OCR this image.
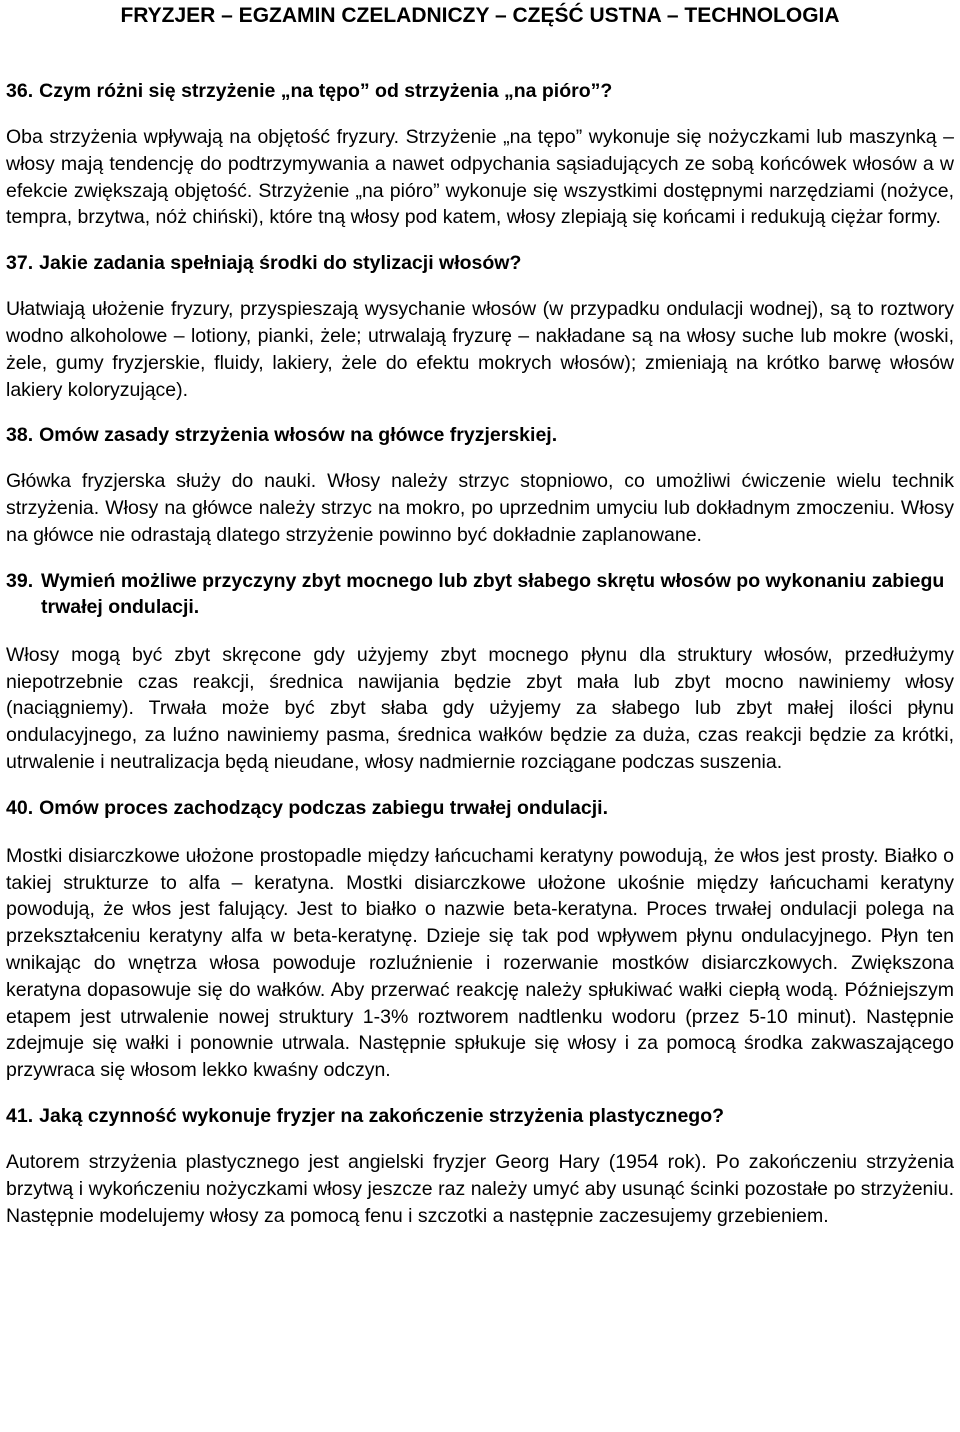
FRYZJER – EGZAMIN CZELADNICZY – CZĘŚĆ USTNA – TECHNOLOGIA
36. Czym różni się strzyżenie „na tępo” od strzyżenia „na pióro”?

Oba strzyżenia wpływają na objętość fryzury. Strzyżenie „na tępo” wykonuje się nożyczkami lub maszynką – włosy mają tendencję do podtrzymywania a nawet odpychania sąsiadujących ze sobą końcówek włosów a w efekcie zwiększają objętość. Strzyżenie „na pióro” wykonuje się wszystkimi dostępnymi narzędziami (nożyce, tempra, brzytwa, nóż chiński), które tną włosy pod katem, włosy zlepiają się końcami i redukują ciężar formy.

37. Jakie zadania spełniają środki do stylizacji włosów?

Ułatwiają ułożenie fryzury, przyspieszają wysychanie włosów (w przypadku ondulacji wodnej), są to roztwory wodno alkoholowe – lotiony, pianki, żele; utrwalają fryzurę – nakładane są na włosy suche lub mokre (woski, żele, gumy fryzjerskie, fluidy, lakiery, żele do efektu mokrych włosów); zmieniają na krótko barwę włosów lakiery koloryzujące).

38. Omów zasady strzyżenia włosów na główce fryzjerskiej.

Główka fryzjerska służy do nauki. Włosy należy strzyc stopniowo, co umożliwi ćwiczenie wielu technik strzyżenia. Włosy na główce należy strzyc na mokro, po uprzednim umyciu lub dokładnym zmoczeniu. Włosy na główce nie odrastają dlatego strzyżenie powinno być dokładnie zaplanowane.

39. Wymień możliwe przyczyny zbyt mocnego lub zbyt słabego skrętu włosów po wykonaniu zabiegu trwałej ondulacji.

Włosy mogą być zbyt skręcone gdy użyjemy zbyt mocnego płynu dla struktury włosów, przedłużymy niepotrzebnie czas reakcji, średnica nawijania będzie zbyt mała lub zbyt mocno nawiniemy włosy (naciągniemy). Trwała może być zbyt słaba gdy użyjemy za słabego lub zbyt małej ilości płynu ondulacyjnego, za luźno nawiniemy pasma, średnica wałków będzie za duża, czas reakcji będzie za krótki, utrwalenie i neutralizacja będą nieudane, włosy nadmiernie rozciągane podczas suszenia.

40. Omów proces zachodzący podczas zabiegu trwałej ondulacji.

Mostki disiarczkowe ułożone prostopadle między łańcuchami keratyny powodują, że włos jest prosty. Białko o takiej strukturze to alfa – keratyna. Mostki disiarczkowe ułożone ukośnie między łańcuchami keratyny powodują, że włos jest falujący. Jest to białko o nazwie beta-keratyna. Proces trwałej ondulacji polega na przekształceniu keratyny alfa w beta-keratynę. Dzieje się tak pod wpływem płynu ondulacyjnego. Płyn ten wnikając do wnętrza włosa powoduje rozluźnienie i rozerwanie mostków disiarczkowych. Zwiększona keratyna dopasowuje się do wałków. Aby przerwać reakcję należy spłukiwać wałki ciepłą wodą. Późniejszym etapem jest utrwalenie nowej struktury 1-3% roztworem nadtlenku wodoru (przez 5-10 minut). Następnie zdejmuje się wałki i ponownie utrwala. Następnie spłukuje się włosy i za pomocą środka zakwaszającego przywraca się włosom lekko kwaśny odczyn.

41. Jaką czynność wykonuje fryzjer na zakończenie strzyżenia plastycznego?

Autorem strzyżenia plastycznego jest angielski fryzjer Georg Hary (1954 rok). Po zakończeniu strzyżenia brzytwą i wykończeniu nożyczkami włosy jeszcze raz należy umyć aby usunąć ścinki pozostałe po strzyżeniu. Następnie modelujemy włosy za pomocą fenu i szczotki a następnie zaczesujemy grzebieniem.
